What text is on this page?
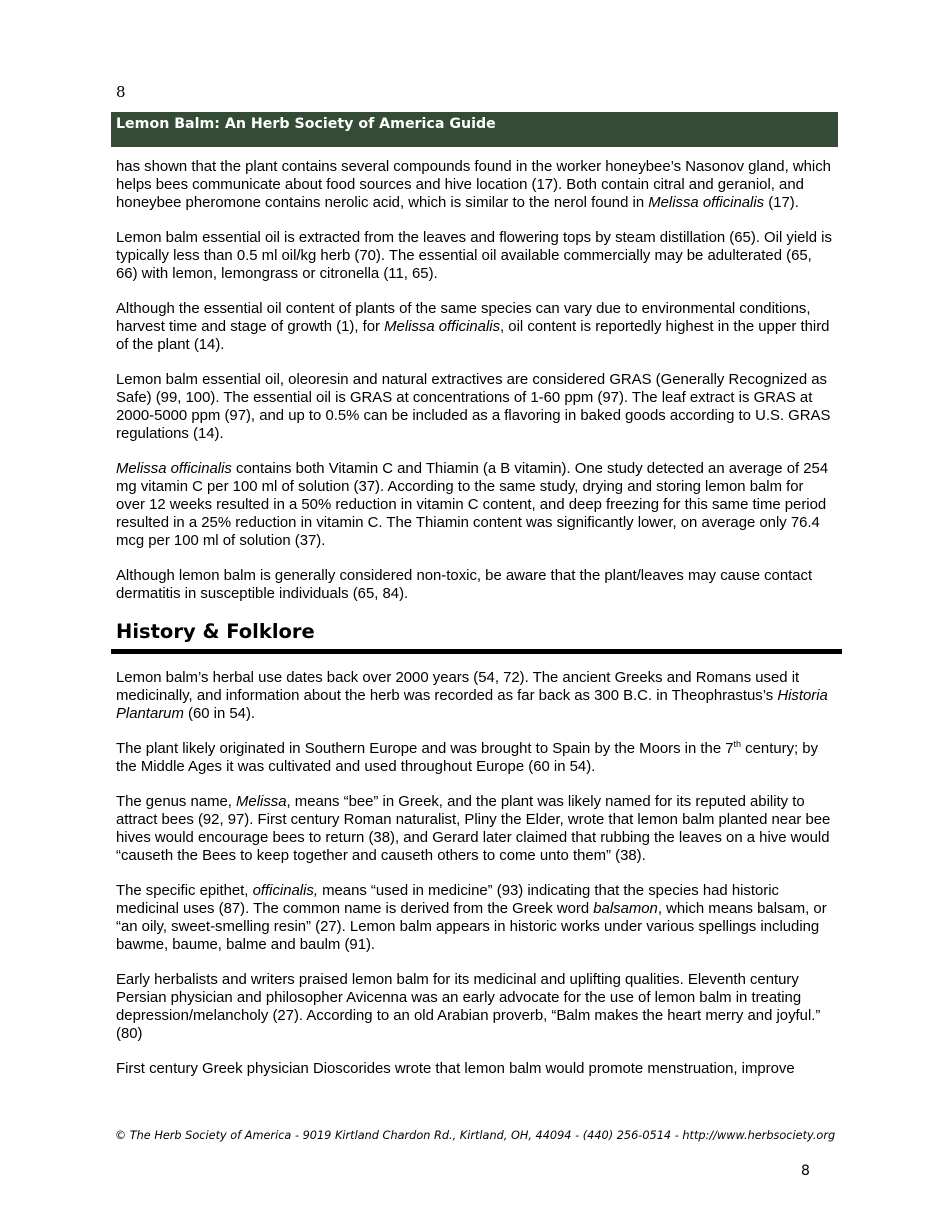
8
Lemon Balm: An Herb Society of America Guide

has shown that the plant contains several compounds found in the worker honeybee’s Nasonov gland, which helps bees communicate about food sources and hive location (17). Both contain citral and geraniol, and honeybee pheromone contains nerolic acid, which is similar to the nerol found in Melissa officinalis (17).

Lemon balm essential oil is extracted from the leaves and flowering tops by steam distillation (65). Oil yield is typically less than 0.5 ml oil/kg herb (70). The essential oil available commercially may be adulterated (65, 66) with lemon, lemongrass or citronella (11, 65).

Although the essential oil content of plants of the same species can vary due to environmental conditions, harvest time and stage of growth (1), for Melissa officinalis, oil content is reportedly highest in the upper third of the plant (14).

Lemon balm essential oil, oleoresin and natural extractives are considered GRAS (Generally Recognized as Safe) (99, 100). The essential oil is GRAS at concentrations of 1-60 ppm (97). The leaf extract is GRAS at 2000-5000 ppm (97), and up to 0.5% can be included as a flavoring in baked goods according to U.S. GRAS regulations (14).

Melissa officinalis contains both Vitamin C and Thiamin (a B vitamin). One study detected an average of 254 mg vitamin C per 100 ml of solution (37). According to the same study, drying and storing lemon balm for over 12 weeks resulted in a 50% reduction in vitamin C content, and deep freezing for this same time period resulted in a 25% reduction in vitamin C. The Thiamin content was significantly lower, on average only 76.4 mcg per 100 ml of solution (37).

Although lemon balm is generally considered non-toxic, be aware that the plant/leaves may cause contact dermatitis in susceptible individuals (65, 84).

History & Folklore

Lemon balm’s herbal use dates back over 2000 years (54, 72). The ancient Greeks and Romans used it medicinally, and information about the herb was recorded as far back as 300 B.C. in Theophrastus’s Historia Plantarum (60 in 54).

The plant likely originated in Southern Europe and was brought to Spain by the Moors in the 7th century; by the Middle Ages it was cultivated and used throughout Europe (60 in 54).

The genus name, Melissa, means “bee” in Greek, and the plant was likely named for its reputed ability to attract bees (92, 97). First century Roman naturalist, Pliny the Elder, wrote that lemon balm planted near bee hives would encourage bees to return (38), and Gerard later claimed that rubbing the leaves on a hive would “causeth the Bees to keep together and causeth others to come unto them” (38).

The specific epithet, officinalis, means “used in medicine” (93) indicating that the species had historic medicinal uses (87). The common name is derived from the Greek word balsamon, which means balsam, or “an oily, sweet-smelling resin” (27). Lemon balm appears in historic works under various spellings including bawme, baume, balme and baulm (91).

Early herbalists and writers praised lemon balm for its medicinal and uplifting qualities. Eleventh century Persian physician and philosopher Avicenna was an early advocate for the use of lemon balm in treating depression/melancholy (27). According to an old Arabian proverb, “Balm makes the heart merry and joyful.” (80)

First century Greek physician Dioscorides wrote that lemon balm would promote menstruation, improve

© The Herb Society of America - 9019 Kirtland Chardon Rd., Kirtland, OH, 44094 - (440) 256-0514 - http://www.herbsociety.org
8
